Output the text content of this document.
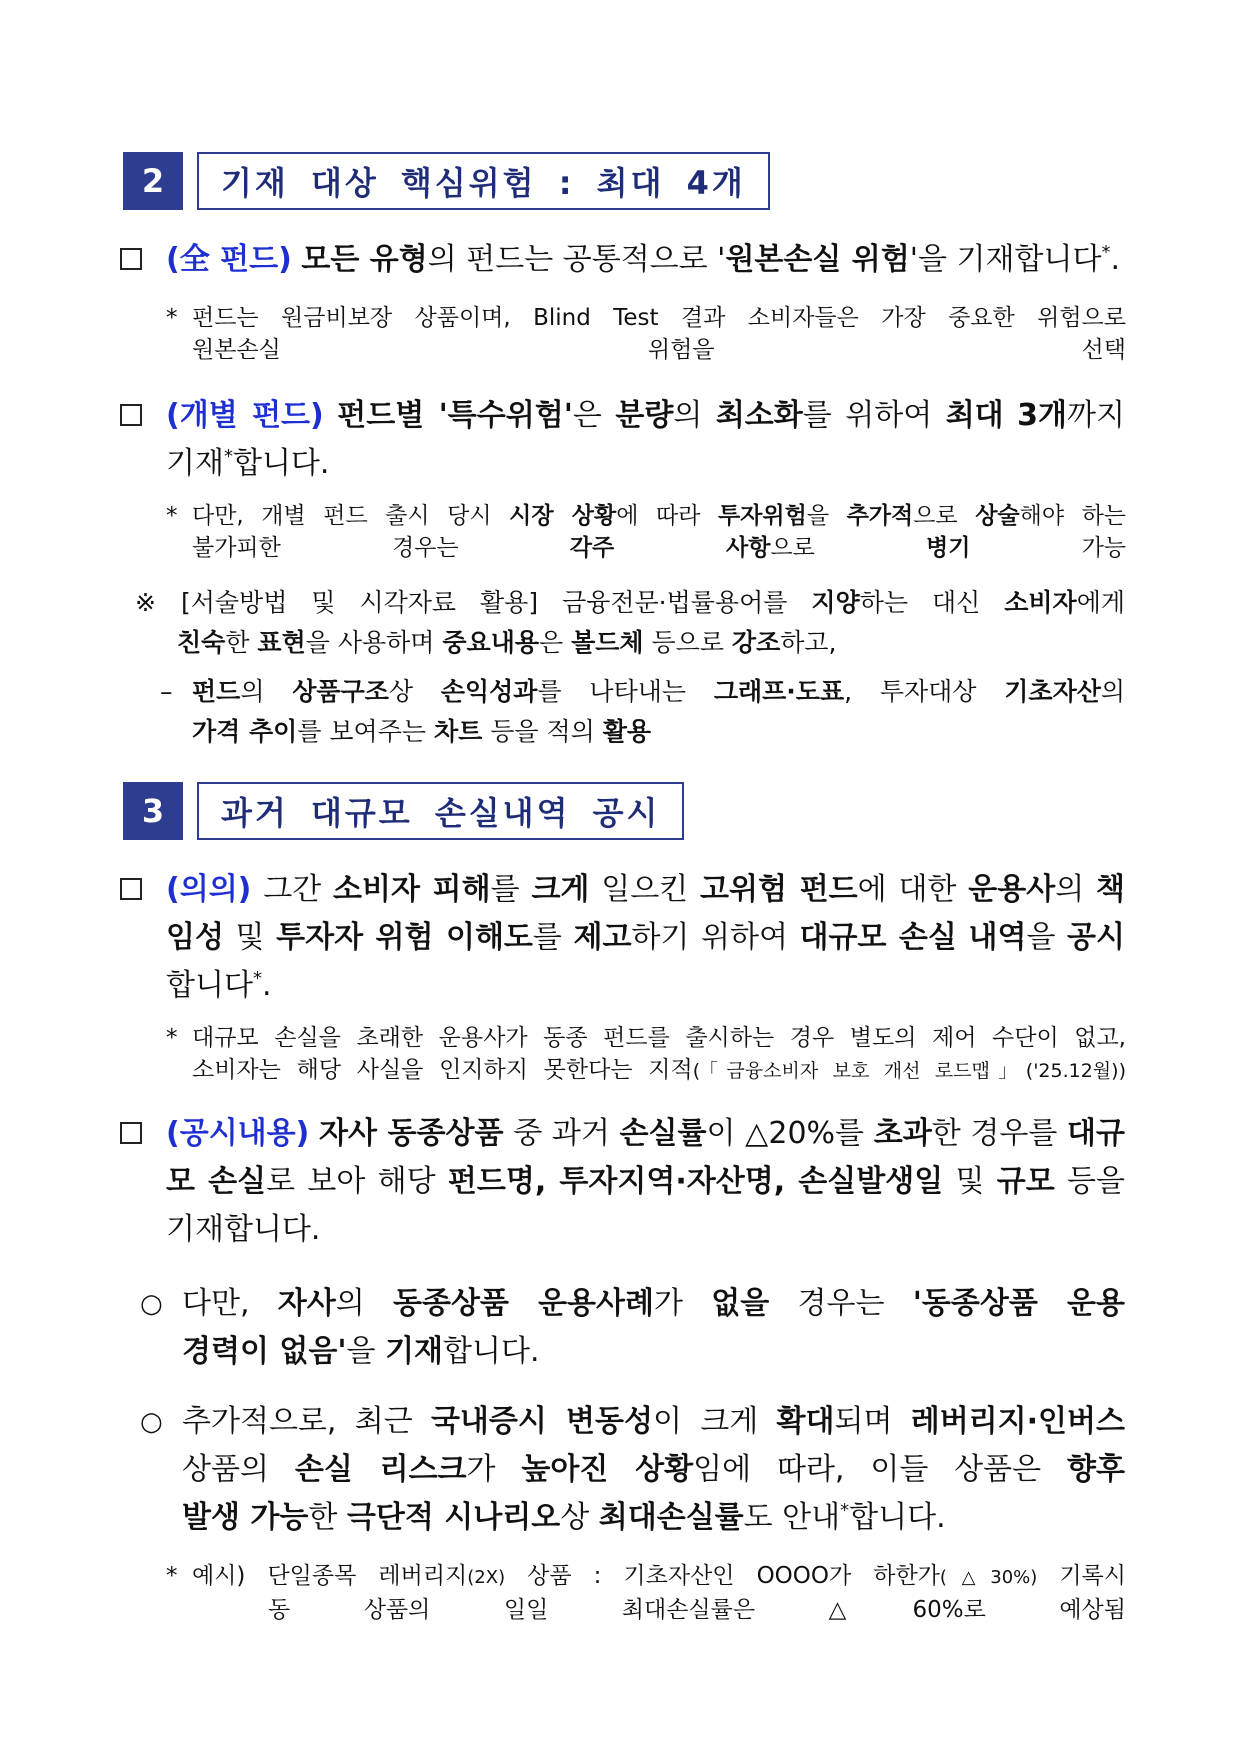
2	기재 대상 핵심위험 : 최대 4개
(全 펀드) 모든 유형의 펀드는 공통적으로 '원본손실 위험'을 기재합니다*.
* 펀드는 원금비보장 상품이며, Blind Test 결과 소비자들은 가장 중요한 위험으로
원본손실 위험을 선택
(개별 펀드) 펀드별 '특수위험'은 분량의 최소화를 위하여 최대 3개까지 기재*합니다.
* 다만, 개별 펀드 출시 당시 시장 상황에 따라 투자위험을 추가적으로 상술해야 하는
불가피한 경우는	각주 사항으로	병기	가능
※ [서술방법 및 시각자료 활용] 금융전문·법률용어를 지양하는 대신 소비자에게
친숙한 표현을 사용하며 중요내용은 볼드체 등으로 강조하고,
– 펀드의 상품구조상 손익성과를 나타내는 그래프·도표, 투자대상 기초자산의
가격 추이를 보여주는 차트 등을 적의 활용
3	과거 대규모 손실내역 공시
(의의) 그간 소비자 피해를 크게 일으킨 고위험 펀드에 대한 운용사의 책임성 및 투자자 위험 이해도를 제고하기 위하여 대규모 손실 내역을 공시합니다*.
* 대규모 손실을 초래한 운용사가 동종 펀드를 출시하는 경우 별도의 제어 수단이 없고,
소비자는 해당 사실을 인지하지 못한다는 지적(「금융소비자 보호 개선 로드맵」('25.12월))
(공시내용) 자사 동종상품 중 과거 손실률이 △20%를 초과한 경우를 대규모 손실로 보아 해당 펀드명, 투자지역·자산명, 손실발생일 및 규모 등을 기재합니다.
○ 다만, 자사의 동종상품 운용사례가 없을 경우는 '동종상품 운용
경력이 없음'을 기재합니다.
○ 추가적으로, 최근 국내증시 변동성이 크게 확대되며 레버리지·인버스
상품의 손실 리스크가 높아진 상황임에 따라, 이들 상품은 향후
발생 가능한 극단적 시나리오상 최대손실률도 안내*합니다.
* 예시) 단일종목 레버리지(2X) 상품 : 기초자산인 OOOO가 하한가(△30%) 기록시
동 상품의 일일 최대손실률은 △60%로 예상됨
